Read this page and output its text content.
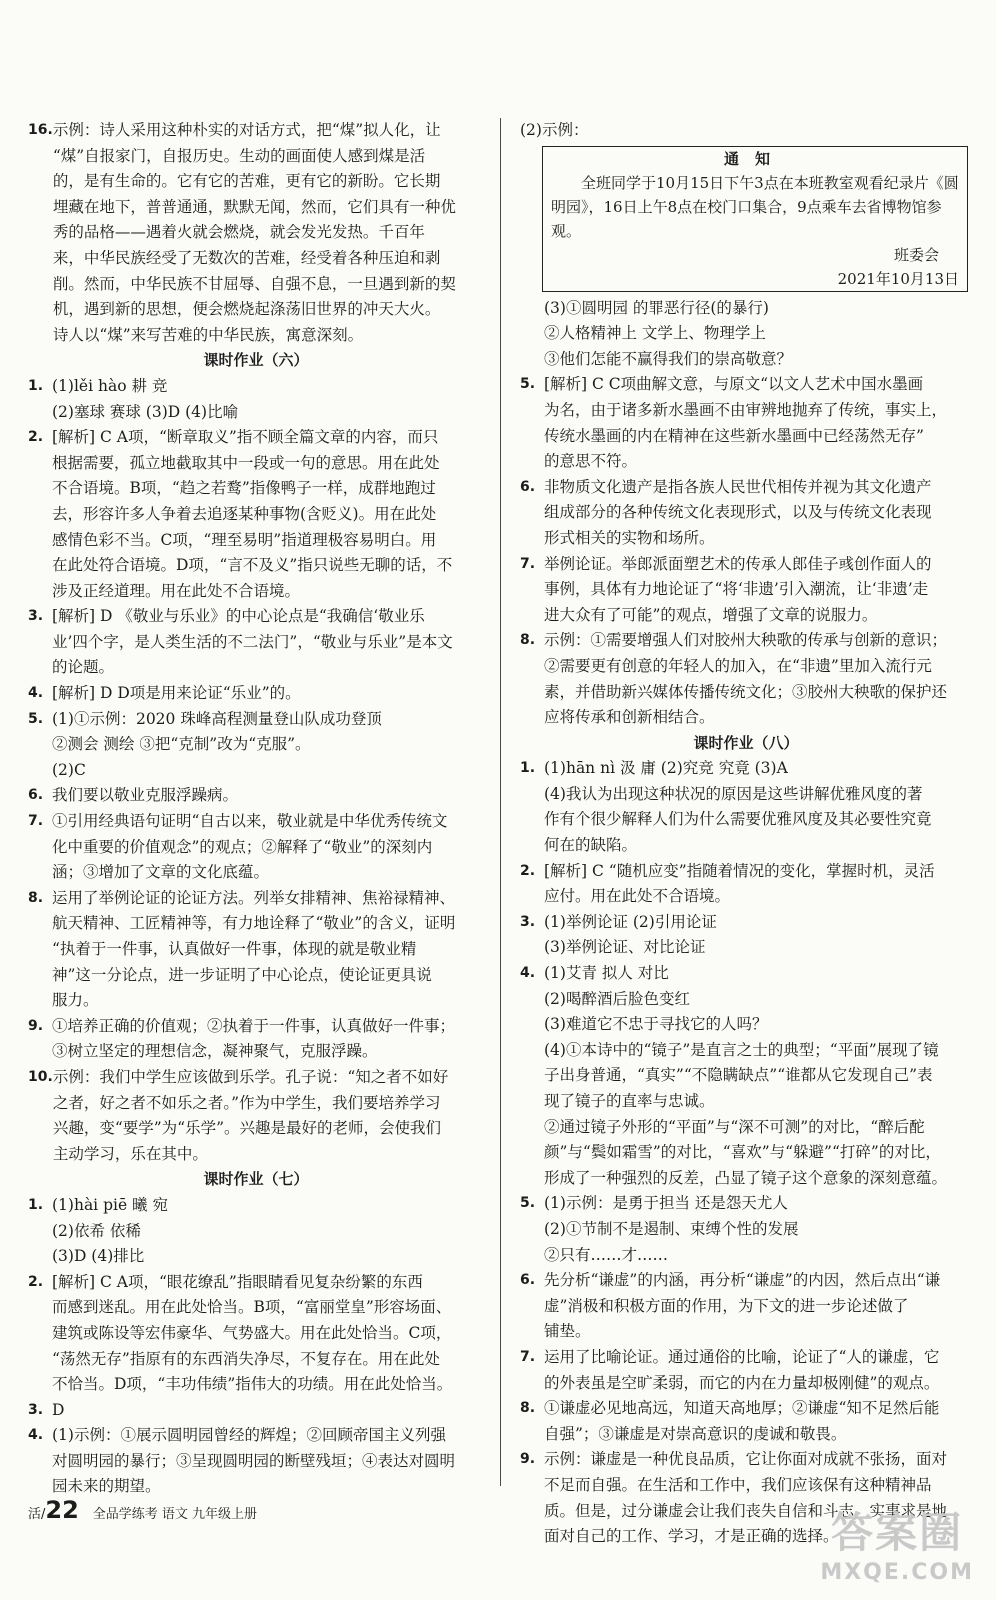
16. 示例：诗人采用这种朴实的对话方式，把“煤”拟人化，让
“煤”自报家门，自报历史。生动的画面使人感到煤是活
的，是有生命的。它有它的苦难，更有它的新盼。它长期
埋藏在地下，普普通通，默默无闻，然而，它们具有一种优
秀的品格——遇着火就会燃烧，就会发光发热。千百年
来，中华民族经受了无数次的苦难，经受着各种压迫和剥
削。然而，中华民族不甘屈辱、自强不息，一旦遇到新的契
机，遇到新的思想，便会燃烧起涤荡旧世界的冲天大火。
诗人以“煤”来写苦难的中华民族，寓意深刻。
课时作业（六）
1. (1)lěi hào 耕 竞
(2)塞球 赛球 (3)D (4)比喻
2. [解析] C A项，“断章取义”指不顾全篇文章的内容，而只
根据需要，孤立地截取其中一段或一句的意思。用在此处
不合语境。B项，“趋之若鹜”指像鸭子一样，成群地跑过
去，形容许多人争着去追逐某种事物(含贬义)。用在此处
感情色彩不当。C项，“理至易明”指道理极容易明白。用
在此处符合语境。D项，“言不及义”指只说些无聊的话，不
涉及正经道理。用在此处不合语境。
3. [解析] D 《敬业与乐业》的中心论点是“我确信‘敬业乐
业’四个字，是人类生活的不二法门”，“敬业与乐业”是本文
的论题。
4. [解析] D D项是用来论证“乐业”的。
5. (1)①示例：2020 珠峰高程测量登山队成功登顶
②测会 测绘 ③把“克制”改为“克服”。
(2)C
6. 我们要以敬业克服浮躁病。
7. ①引用经典语句证明“自古以来，敬业就是中华优秀传统文
化中重要的价值观念”的观点；②解释了“敬业”的深刻内
涵；③增加了文章的文化底蕴。
8. 运用了举例论证的论证方法。列举女排精神、焦裕禄精神、
航天精神、工匠精神等，有力地诠释了“敬业”的含义，证明
“执着于一件事，认真做好一件事，体现的就是敬业精
神”这一分论点，进一步证明了中心论点，使论证更具说
服力。
9. ①培养正确的价值观；②执着于一件事，认真做好一件事；
③树立坚定的理想信念，凝神聚气，克服浮躁。
10. 示例：我们中学生应该做到乐学。孔子说：“知之者不如好
之者，好之者不如乐之者。”作为中学生，我们要培养学习
兴趣，变“要学”为“乐学”。兴趣是最好的老师，会使我们
主动学习，乐在其中。
课时作业（七）
1. (1)hài piē 曦 宛
(2)依希 依稀
(3)D (4)排比
2. [解析] C A项，“眼花缭乱”指眼睛看见复杂纷繁的东西
而感到迷乱。用在此处恰当。B项，“富丽堂皇”形容场面、
建筑或陈设等宏伟豪华、气势盛大。用在此处恰当。C项，
“荡然无存”指原有的东西消失净尽，不复存在。用在此处
不恰当。D项，“丰功伟绩”指伟大的功绩。用在此处恰当。
3. D
4. (1)示例：①展示圆明园曾经的辉煌；②回顾帝国主义列强
对圆明园的暴行；③呈现圆明园的断壁残垣；④表达对圆明
园未来的期望。
(2)示例：
通知
全班同学于10月15日下午3点在本班教室观看纪录片《圆明园》，16日上午8点在校门口集合，9点乘车去省博物馆参观。
班委会
2021年10月13日
(3)①圆明园 的罪恶行径(的暴行)
②人格精神上 文学上、物理学上
③他们怎能不赢得我们的崇高敬意？
5. [解析] C C项曲解文意，与原文“以文人艺术中国水墨画
为名，由于诸多新水墨画不由审辨地抛弃了传统，事实上，
传统水墨画的内在精神在这些新水墨画中已经荡然无存”
的意思不符。
6. 非物质文化遗产是指各族人民世代相传并视为其文化遗产
组成部分的各种传统文化表现形式，以及与传统文化表现
形式相关的实物和场所。
7. 举例论证。举郎派面塑艺术的传承人郎佳子彧创作面人的
事例，具体有力地论证了“将‘非遗’引入潮流，让‘非遗’走
进大众有了可能”的观点，增强了文章的说服力。
8. 示例：①需要增强人们对胶州大秧歌的传承与创新的意识；
②需要更有创意的年轻人的加入，在“非遗”里加入流行元
素，并借助新兴媒体传播传统文化；③胶州大秧歌的保护还
应将传承和创新相结合。
课时作业（八）
1. (1)hān nì 汲 庸 (2)究竞 究竟 (3)A
(4)我认为出现这种状况的原因是这些讲解优雅风度的著
作有个很少解释人们为什么需要优雅风度及其必要性究竟
何在的缺陷。
2. [解析] C “随机应变”指随着情况的变化，掌握时机，灵活
应付。用在此处不合语境。
3. (1)举例论证 (2)引用论证
(3)举例论证、对比论证
4. (1)艾青 拟人 对比
(2)喝醉酒后脸色变红
(3)难道它不忠于寻找它的人吗？
(4)①本诗中的“镜子”是直言之士的典型；“平面”展现了镜
子出身普通，“真实”“不隐瞒缺点”“谁都从它发现自己”表
现了镜子的直率与忠诚。
②通过镜子外形的“平面”与“深不可测”的对比，“醉后酡
颜”与“鬓如霜雪”的对比，“喜欢”与“躲避”“打碎”的对比，
形成了一种强烈的反差，凸显了镜子这个意象的深刻意蕴。
5. (1)示例：是勇于担当 还是怨天尤人
(2)①节制不是遏制、束缚个性的发展
②只有……才……
6. 先分析“谦虚”的内涵，再分析“谦虚”的内因，然后点出“谦
虚”消极和积极方面的作用，为下文的进一步论述做了
铺垫。
7. 运用了比喻论证。通过通俗的比喻，论证了“人的谦虚，它
的外表虽是空旷柔弱，而它的内在力量却极刚健”的观点。
8. ①谦虚必见地高远，知道天高地厚；②谦虚“知不足然后能
自强”；③谦虚是对崇高意识的虔诚和敬畏。
9. 示例：谦虚是一种优良品质，它让你面对成就不张扬，面对
不足而自强。在生活和工作中，我们应该保有这种精神品
质。但是，过分谦虚会让我们丧失自信和斗志，实事求是地
面对自己的工作、学习，才是正确的选择。
活/22 全品学练考 语文 九年级上册	答案圈
MXQE.COM
